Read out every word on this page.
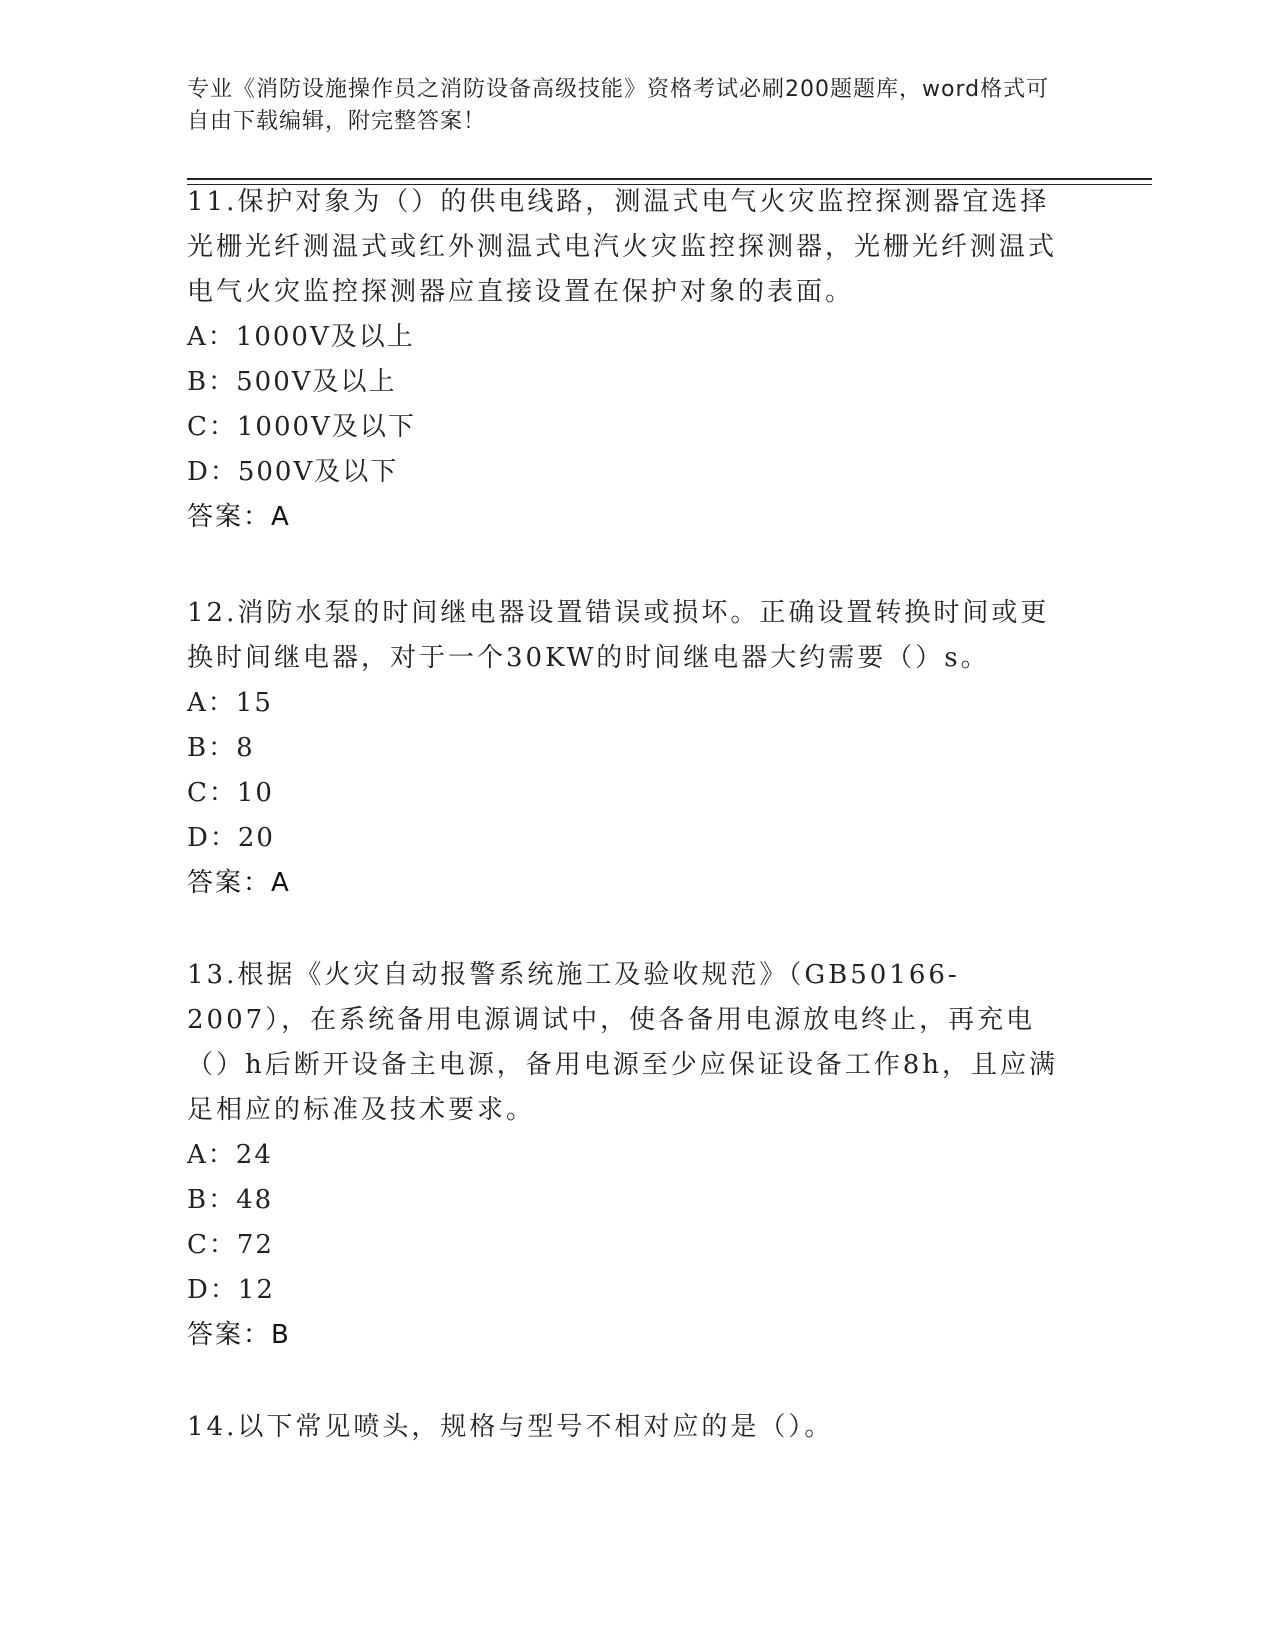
专业《消防设施操作员之消防设备高级技能》资格考试必刷200题题库，word格式可自由下载编辑，附完整答案！

11.保护对象为（）的供电线路，测温式电气火灾监控探测器宜选择光栅光纤测温式或红外测温式电汽火灾监控探测器，光栅光纤测温式电气火灾监控探测器应直接设置在保护对象的表面。

A：1000V及以上

B：500V及以上

C：1000V及以下

D：500V及以下

答案：A

12.消防水泵的时间继电器设置错误或损坏。正确设置转换时间或更换时间继电器，对于一个30KW的时间继电器大约需要（）s。

A：15

B：8

C：10

D：20

答案：A

13.根据《火灾自动报警系统施工及验收规范》（GB50166-2007），在系统备用电源调试中，使各备用电源放电终止，再充电（）h后断开设备主电源，备用电源至少应保证设备工作8h，且应满足相应的标准及技术要求。

A：24

B：48

C：72

D：12

答案：B

14.以下常见喷头，规格与型号不相对应的是（）。
